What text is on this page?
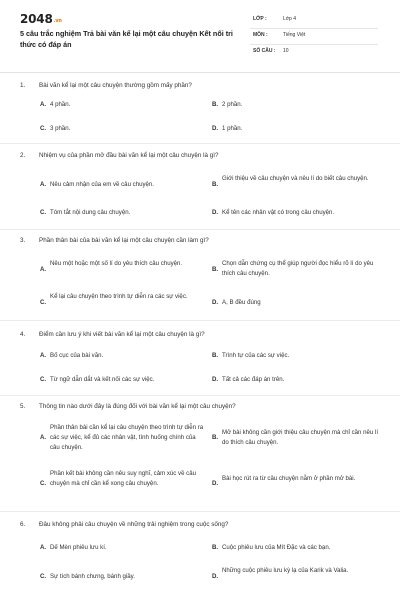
2048.vn
5 câu trắc nghiệm Trả bài văn kể lại một câu chuyện Kết nối tri thức có đáp án
LỚP :	Lớp 4
MÔN :	Tiếng Việt
SỐ CÂU : 10
1. Bài văn kể lại một câu chuyện thường gồm mấy phần?
A. 4 phần.	B. 2 phần.
C. 3 phần.	D. 1 phần.
2. Nhiệm vụ của phần mở đầu bài văn kể lại một câu chuyện là gì?
A. Nêu cảm nhận của em về câu chuyện.	B.
Giới thiệu về câu chuyện và nêu lí do biết câu chuyện.
C. Tóm tắt nội dung câu chuyện.	D. Kể tên các nhân vật có trong câu chuyện.
3. Phần thân bài của bài văn kể lại một câu chuyện cần làm gì?
A.
Nêu một hoặc một số lí do yêu thích câu chuyện.
B.
Chọn dẫn chứng cụ thể giúp người đọc hiểu rõ lí do yêu thích câu chuyện.
C.
Kể lại câu chuyện theo trình tự diễn ra các sự việc.
D. A, B đều đúng
4. Điểm cần lưu ý khi viết bài văn kể lại một câu chuyện là gì?
A. Bố cục của bài văn.	B. Trình tự của các sự việc.
C. Từ ngữ dẫn dắt và kết nối các sự việc.	D. Tất cả các đáp án trên.
5. Thông tin nào dưới đây là đúng đối với bài văn kể lại một câu chuyện?
A.
Phần thân bài cần kể lại câu chuyện theo trình tự diễn ra các sự việc, kể đủ các nhân vật, tình huống chính của câu chuyện.
B.
Mở bài không cần giới thiệu câu chuyện mà chỉ cần nêu lí do thích câu chuyện.
C.
Phần kết bài không cần nêu suy nghĩ, cảm xúc về câu chuyện mà chỉ cần kể xong câu chuyện.	D.
Bài học rút ra từ câu chuyện nằm ở phần mở bài.
6. Đâu không phải câu chuyện về những trải nghiệm trong cuộc sống?
A. Dế Mèn phiêu lưu kí.	B. Cuộc phiêu lưu của Mít Đặc và các bạn.
C. Sự tích bánh chưng, bánh giầy.	D.
Những cuộc phiêu lưu kỳ lạ của Karik và Valia.
